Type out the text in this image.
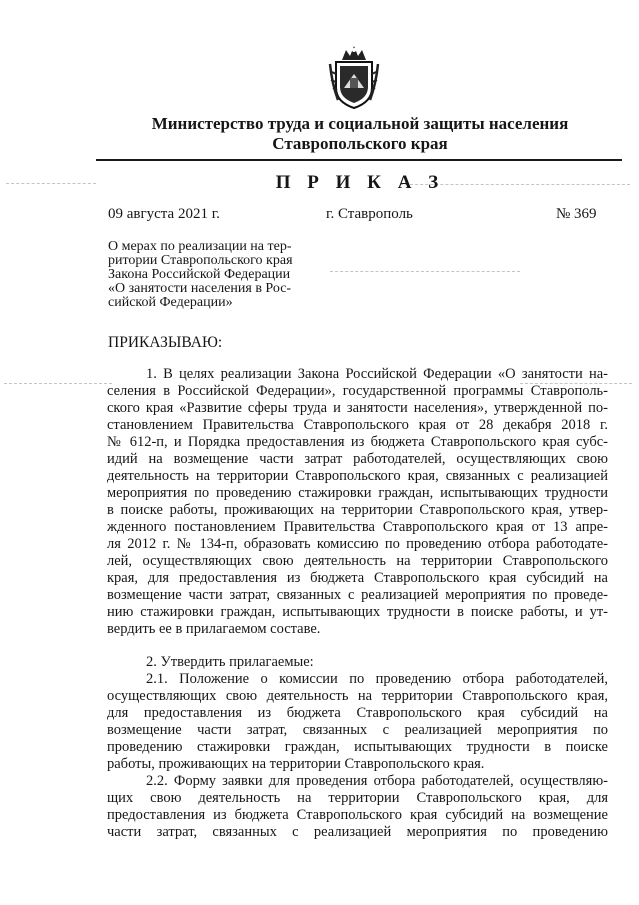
Министерство труда и социальной защиты населения
Ставропольского края
П Р И К А З
09 августа 2021 г.	г. Ставрополь	№ 369
О мерах по реализации на тер-
ритории Ставропольского края
Закона Российской Федерации
«О занятости населения в Рос-
сийской Федерации»
ПРИКАЗЫВАЮ:
1. В целях реализации Закона Российской Федерации «О занятости на-
селения в Российской Федерации», государственной программы Ставрополь-
ского края «Развитие сферы труда и занятости населения», утвержденной по-
становлением Правительства Ставропольского края от 28 декабря 2018 г.
№ 612-п, и Порядка предоставления из бюджета Ставропольского края субс-
идий на возмещение части затрат работодателей, осуществляющих свою
деятельность на территории Ставропольского края, связанных с реализацией
мероприятия по проведению стажировки граждан, испытывающих трудности
в поиске работы, проживающих на территории Ставропольского края, утвер-
жденного постановлением Правительства Ставропольского края от 13 апре-
ля 2012 г. № 134-п, образовать комиссию по проведению отбора работодате-
лей, осуществляющих свою деятельность на территории Ставропольского
края, для предоставления из бюджета Ставропольского края субсидий на
возмещение части затрат, связанных с реализацией мероприятия по проведе-
нию стажировки граждан, испытывающих трудности в поиске работы, и ут-
вердить ее в прилагаемом составе.
2. Утвердить прилагаемые:
2.1. Положение о комиссии по проведению отбора работодателей,
осуществляющих свою деятельность на территории Ставропольского края,
для предоставления из бюджета Ставропольского края субсидий на
возмещение части затрат, связанных с реализацией мероприятия по
проведению стажировки граждан, испытывающих трудности в поиске
работы, проживающих на территории Ставропольского края.
2.2. Форму заявки для проведения отбора работодателей, осуществляю-
щих свою деятельность на территории Ставропольского края, для
предоставления из бюджета Ставропольского края субсидий на возмещение
части затрат, связанных с реализацией мероприятия по проведению
